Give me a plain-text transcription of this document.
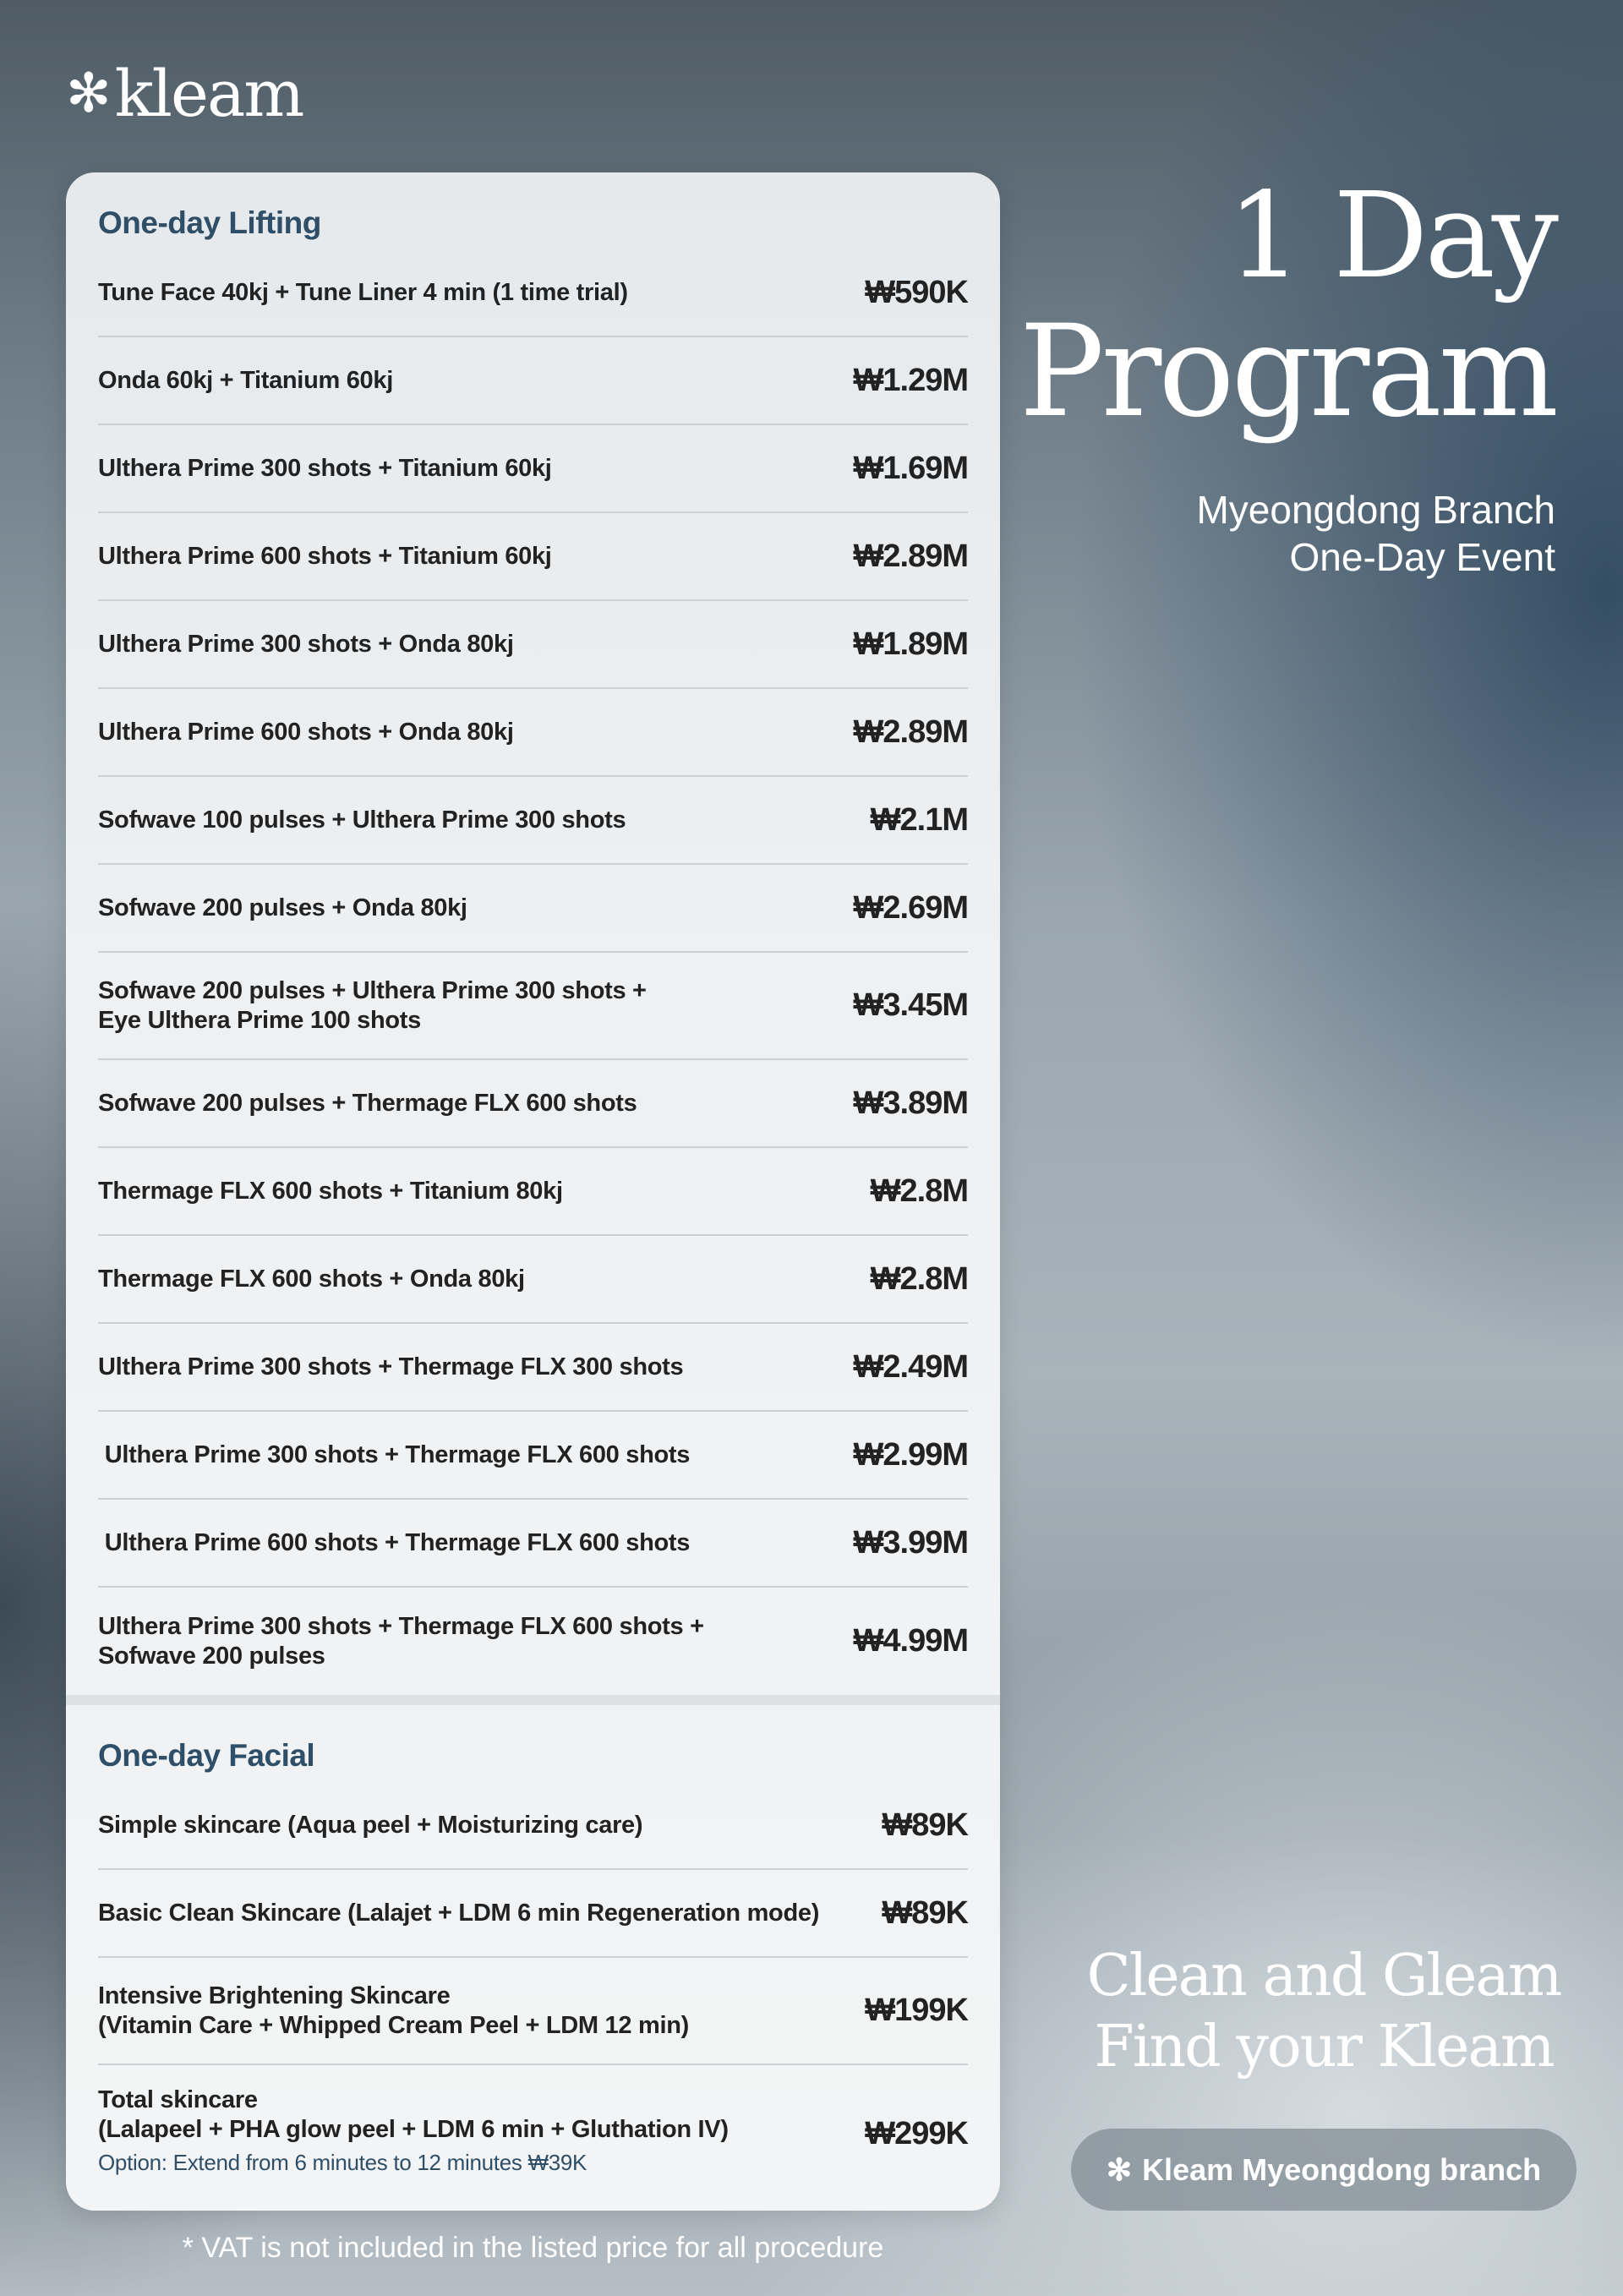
✻ kleam
One-day Lifting
Tune Face 40kj + Tune Liner 4 min (1 time trial)	₩590K
Onda 60kj + Titanium 60kj	₩1.29M
Ulthera Prime 300 shots + Titanium 60kj	₩1.69M
Ulthera Prime 600 shots + Titanium 60kj	₩2.89M
Ulthera Prime 300 shots + Onda 80kj	₩1.89M
Ulthera Prime 600 shots + Onda 80kj	₩2.89M
Sofwave 100 pulses + Ulthera Prime 300 shots	₩2.1M
Sofwave 200 pulses + Onda 80kj	₩2.69M
Sofwave 200 pulses + Ulthera Prime 300 shots +
Eye Ulthera Prime 100 shots	₩3.45M
Sofwave 200 pulses + Thermage FLX 600 shots	₩3.89M
Thermage FLX 600 shots + Titanium 80kj	₩2.8M
Thermage FLX 600 shots + Onda 80kj	₩2.8M
Ulthera Prime 300 shots + Thermage FLX 300 shots	₩2.49M
Ulthera Prime 300 shots + Thermage FLX 600 shots	₩2.99M
Ulthera Prime 600 shots + Thermage FLX 600 shots	₩3.99M
Ulthera Prime 300 shots + Thermage FLX 600 shots +
Sofwave 200 pulses	₩4.99M
One-day Facial
Simple skincare (Aqua peel + Moisturizing care)	₩89K
Basic Clean Skincare (Lalajet + LDM 6 min Regeneration mode) ₩89K
Intensive Brightening Skincare
(Vitamin Care + Whipped Cream Peel + LDM 12 min)	₩199K
Total skincare
(Lalapeel + PHA glow peel + LDM 6 min + Gluthation IV)
Option: Extend from 6 minutes to 12 minutes ₩39K
₩299K
1 Day
Program
Myeongdong Branch
One-Day Event
Clean and Gleam
Find your Kleam
✻ Kleam Myeongdong branch
* VAT is not included in the listed price for all procedure
